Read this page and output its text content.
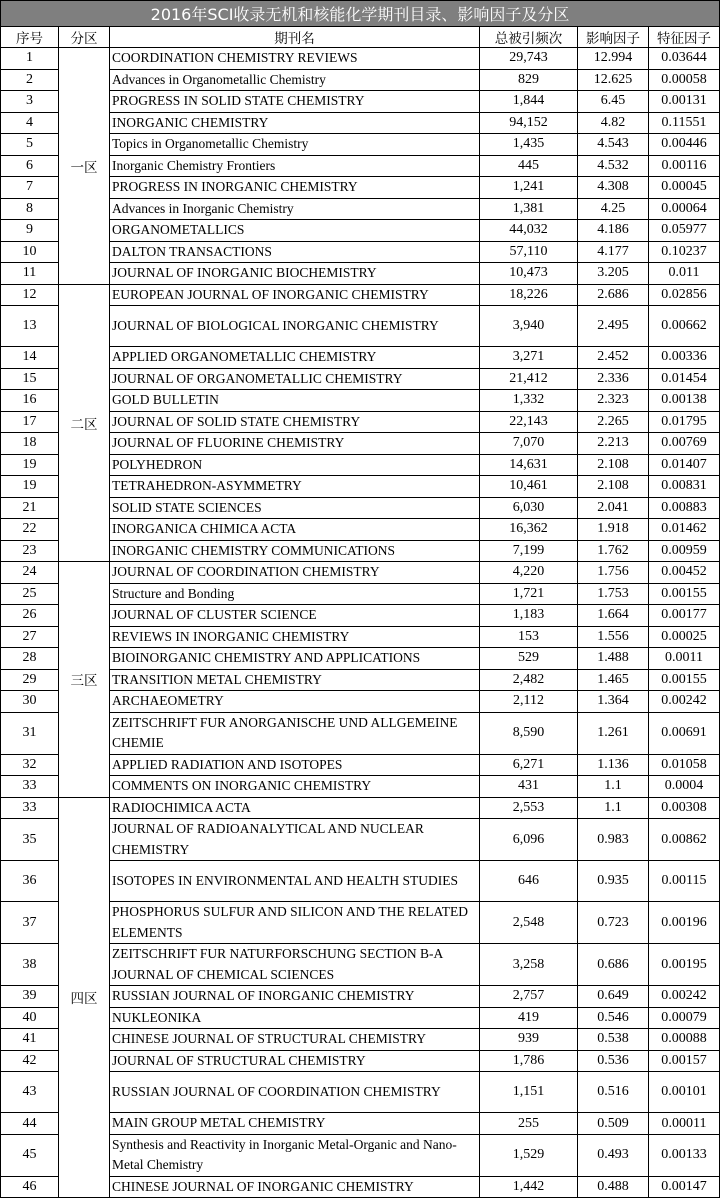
2016年SCI收录无机和核能化学期刊目录、影响因子及分区					
序号	分区	期刊名	总被引频次	影响因子	特征因子
1	一区	COORDINATION CHEMISTRY REVIEWS	29,743	12.994	0.03644
2		Advances in Organometallic Chemistry	829	12.625	0.00058
3		PROGRESS IN SOLID STATE CHEMISTRY	1,844	6.45	0.00131
4		INORGANIC CHEMISTRY	94,152	4.82	0.11551
5		Topics in Organometallic Chemistry	1,435	4.543	0.00446
6		Inorganic Chemistry Frontiers	445	4.532	0.00116
7		PROGRESS IN INORGANIC CHEMISTRY	1,241	4.308	0.00045
8		Advances in Inorganic Chemistry	1,381	4.25	0.00064
9		ORGANOMETALLICS	44,032	4.186	0.05977
10		DALTON TRANSACTIONS	57,110	4.177	0.10237
11		JOURNAL OF INORGANIC BIOCHEMISTRY	10,473	3.205	0.011
12	二区	EUROPEAN JOURNAL OF INORGANIC CHEMISTRY	18,226	2.686	0.02856
13		JOURNAL OF BIOLOGICAL INORGANIC CHEMISTRY	3,940	2.495	0.00662
14		APPLIED ORGANOMETALLIC CHEMISTRY	3,271	2.452	0.00336
15		JOURNAL OF ORGANOMETALLIC CHEMISTRY	21,412	2.336	0.01454
16		GOLD BULLETIN	1,332	2.323	0.00138
17		JOURNAL OF SOLID STATE CHEMISTRY	22,143	2.265	0.01795
18		JOURNAL OF FLUORINE CHEMISTRY	7,070	2.213	0.00769
19		POLYHEDRON	14,631	2.108	0.01407
19		TETRAHEDRON-ASYMMETRY	10,461	2.108	0.00831
21		SOLID STATE SCIENCES	6,030	2.041	0.00883
22		INORGANICA CHIMICA ACTA	16,362	1.918	0.01462
23		INORGANIC CHEMISTRY COMMUNICATIONS	7,199	1.762	0.00959
24	三区	JOURNAL OF COORDINATION CHEMISTRY	4,220	1.756	0.00452
25		Structure and Bonding	1,721	1.753	0.00155
26		JOURNAL OF CLUSTER SCIENCE	1,183	1.664	0.00177
27		REVIEWS IN INORGANIC CHEMISTRY	153	1.556	0.00025
28		BIOINORGANIC CHEMISTRY AND APPLICATIONS	529	1.488	0.0011
29		TRANSITION METAL CHEMISTRY	2,482	1.465	0.00155
30		ARCHAEOMETRY	2,112	1.364	0.00242
31		ZEITSCHRIFT FUR ANORGANISCHE UND ALLGEMEINE CHEMIE	8,590	1.261	0.00691
32		APPLIED RADIATION AND ISOTOPES	6,271	1.136	0.01058
33		COMMENTS ON INORGANIC CHEMISTRY	431	1.1	0.0004
33	四区	RADIOCHIMICA ACTA	2,553	1.1	0.00308
35		JOURNAL OF RADIOANALYTICAL AND NUCLEAR CHEMISTRY	6,096	0.983	0.00862
36		ISOTOPES IN ENVIRONMENTAL AND HEALTH STUDIES	646	0.935	0.00115
37		PHOSPHORUS SULFUR AND SILICON AND THE RELATED ELEMENTS	2,548	0.723	0.00196
38		ZEITSCHRIFT FUR NATURFORSCHUNG SECTION B-A JOURNAL OF CHEMICAL SCIENCES	3,258	0.686	0.00195
39		RUSSIAN JOURNAL OF INORGANIC CHEMISTRY	2,757	0.649	0.00242
40		NUKLEONIKA	419	0.546	0.00079
41		CHINESE JOURNAL OF STRUCTURAL CHEMISTRY	939	0.538	0.00088
42		JOURNAL OF STRUCTURAL CHEMISTRY	1,786	0.536	0.00157
43		RUSSIAN JOURNAL OF COORDINATION CHEMISTRY	1,151	0.516	0.00101
44		MAIN GROUP METAL CHEMISTRY	255	0.509	0.00011
45		Synthesis and Reactivity in Inorganic Metal-Organic and Nano-Metal Chemistry	1,529	0.493	0.00133
46		CHINESE JOURNAL OF INORGANIC CHEMISTRY	1,442	0.488	0.00147
